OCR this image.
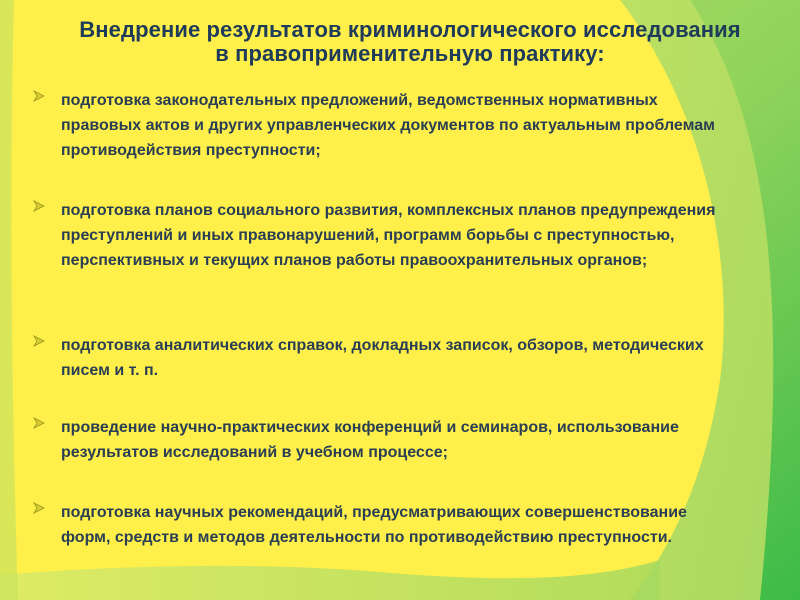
Внедрение результатов криминологического исследования
в правоприменительную практику:
подготовка законодательных предложений, ведомственных нормативных правовых актов и других управленческих документов по актуальным проблемам противодействия преступности;
подготовка планов социального развития, комплексных планов предупреждения преступлений и иных правонарушений, программ борьбы с преступностью, перспективных и текущих планов работы правоохранительных органов;
подготовка аналитических справок, докладных записок, обзоров, методических писем и т. п.
проведение научно-практических конференций и семинаров, использование результатов исследований в учебном процессе;
подготовка научных рекомендаций, предусматривающих совершенствование форм, средств и методов деятельности по противодействию преступности.
